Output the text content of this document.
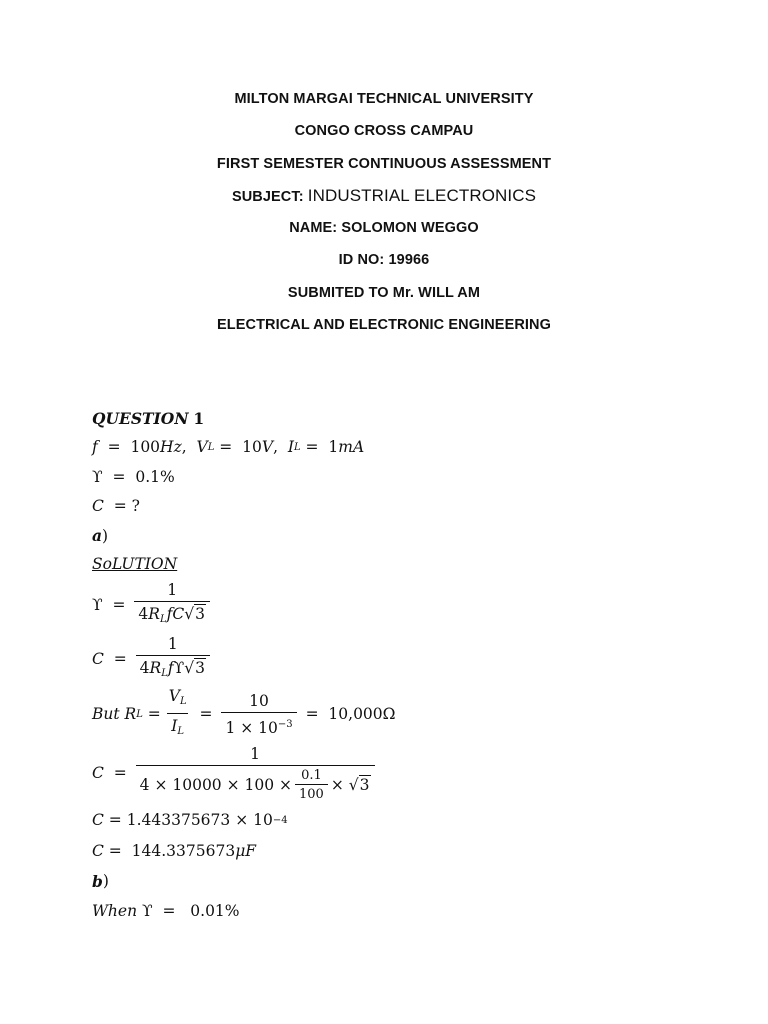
MILTON MARGAI TECHNICAL UNIVERSITY
CONGO CROSS CAMPAU
FIRST SEMESTER CONTINUOUS ASSESSMENT
SUBJECT: INDUSTRIAL ELECTRONICS
NAME: SOLOMON WEGGO
ID NO: 19966
SUBMITED TO Mr. WILL AM
ELECTRICAL AND ELECTRONIC ENGINEERING
QUESTION
1
f = 100 Hz , V L = 10 V , I L = 1 mA
ϒ  = 0.1%
C = ?
a )
SoLUTION
$ϒ = \frac{1}{4R_LfC√3}$
$C = \frac{1}{4R_Lfϒ√3}$
But R $L = \frac{V_L}{I_L} = \frac{10}{1 \times 10^{-3}} = 10,000\Omega$
C =
1
$4 \times 10000 \times 100 \times \frac{0.1}{100} \times √3$
C = 1.443375673 × 10 −4
C = 144.3375673 μF
b )
When ϒ  = 0.01%
